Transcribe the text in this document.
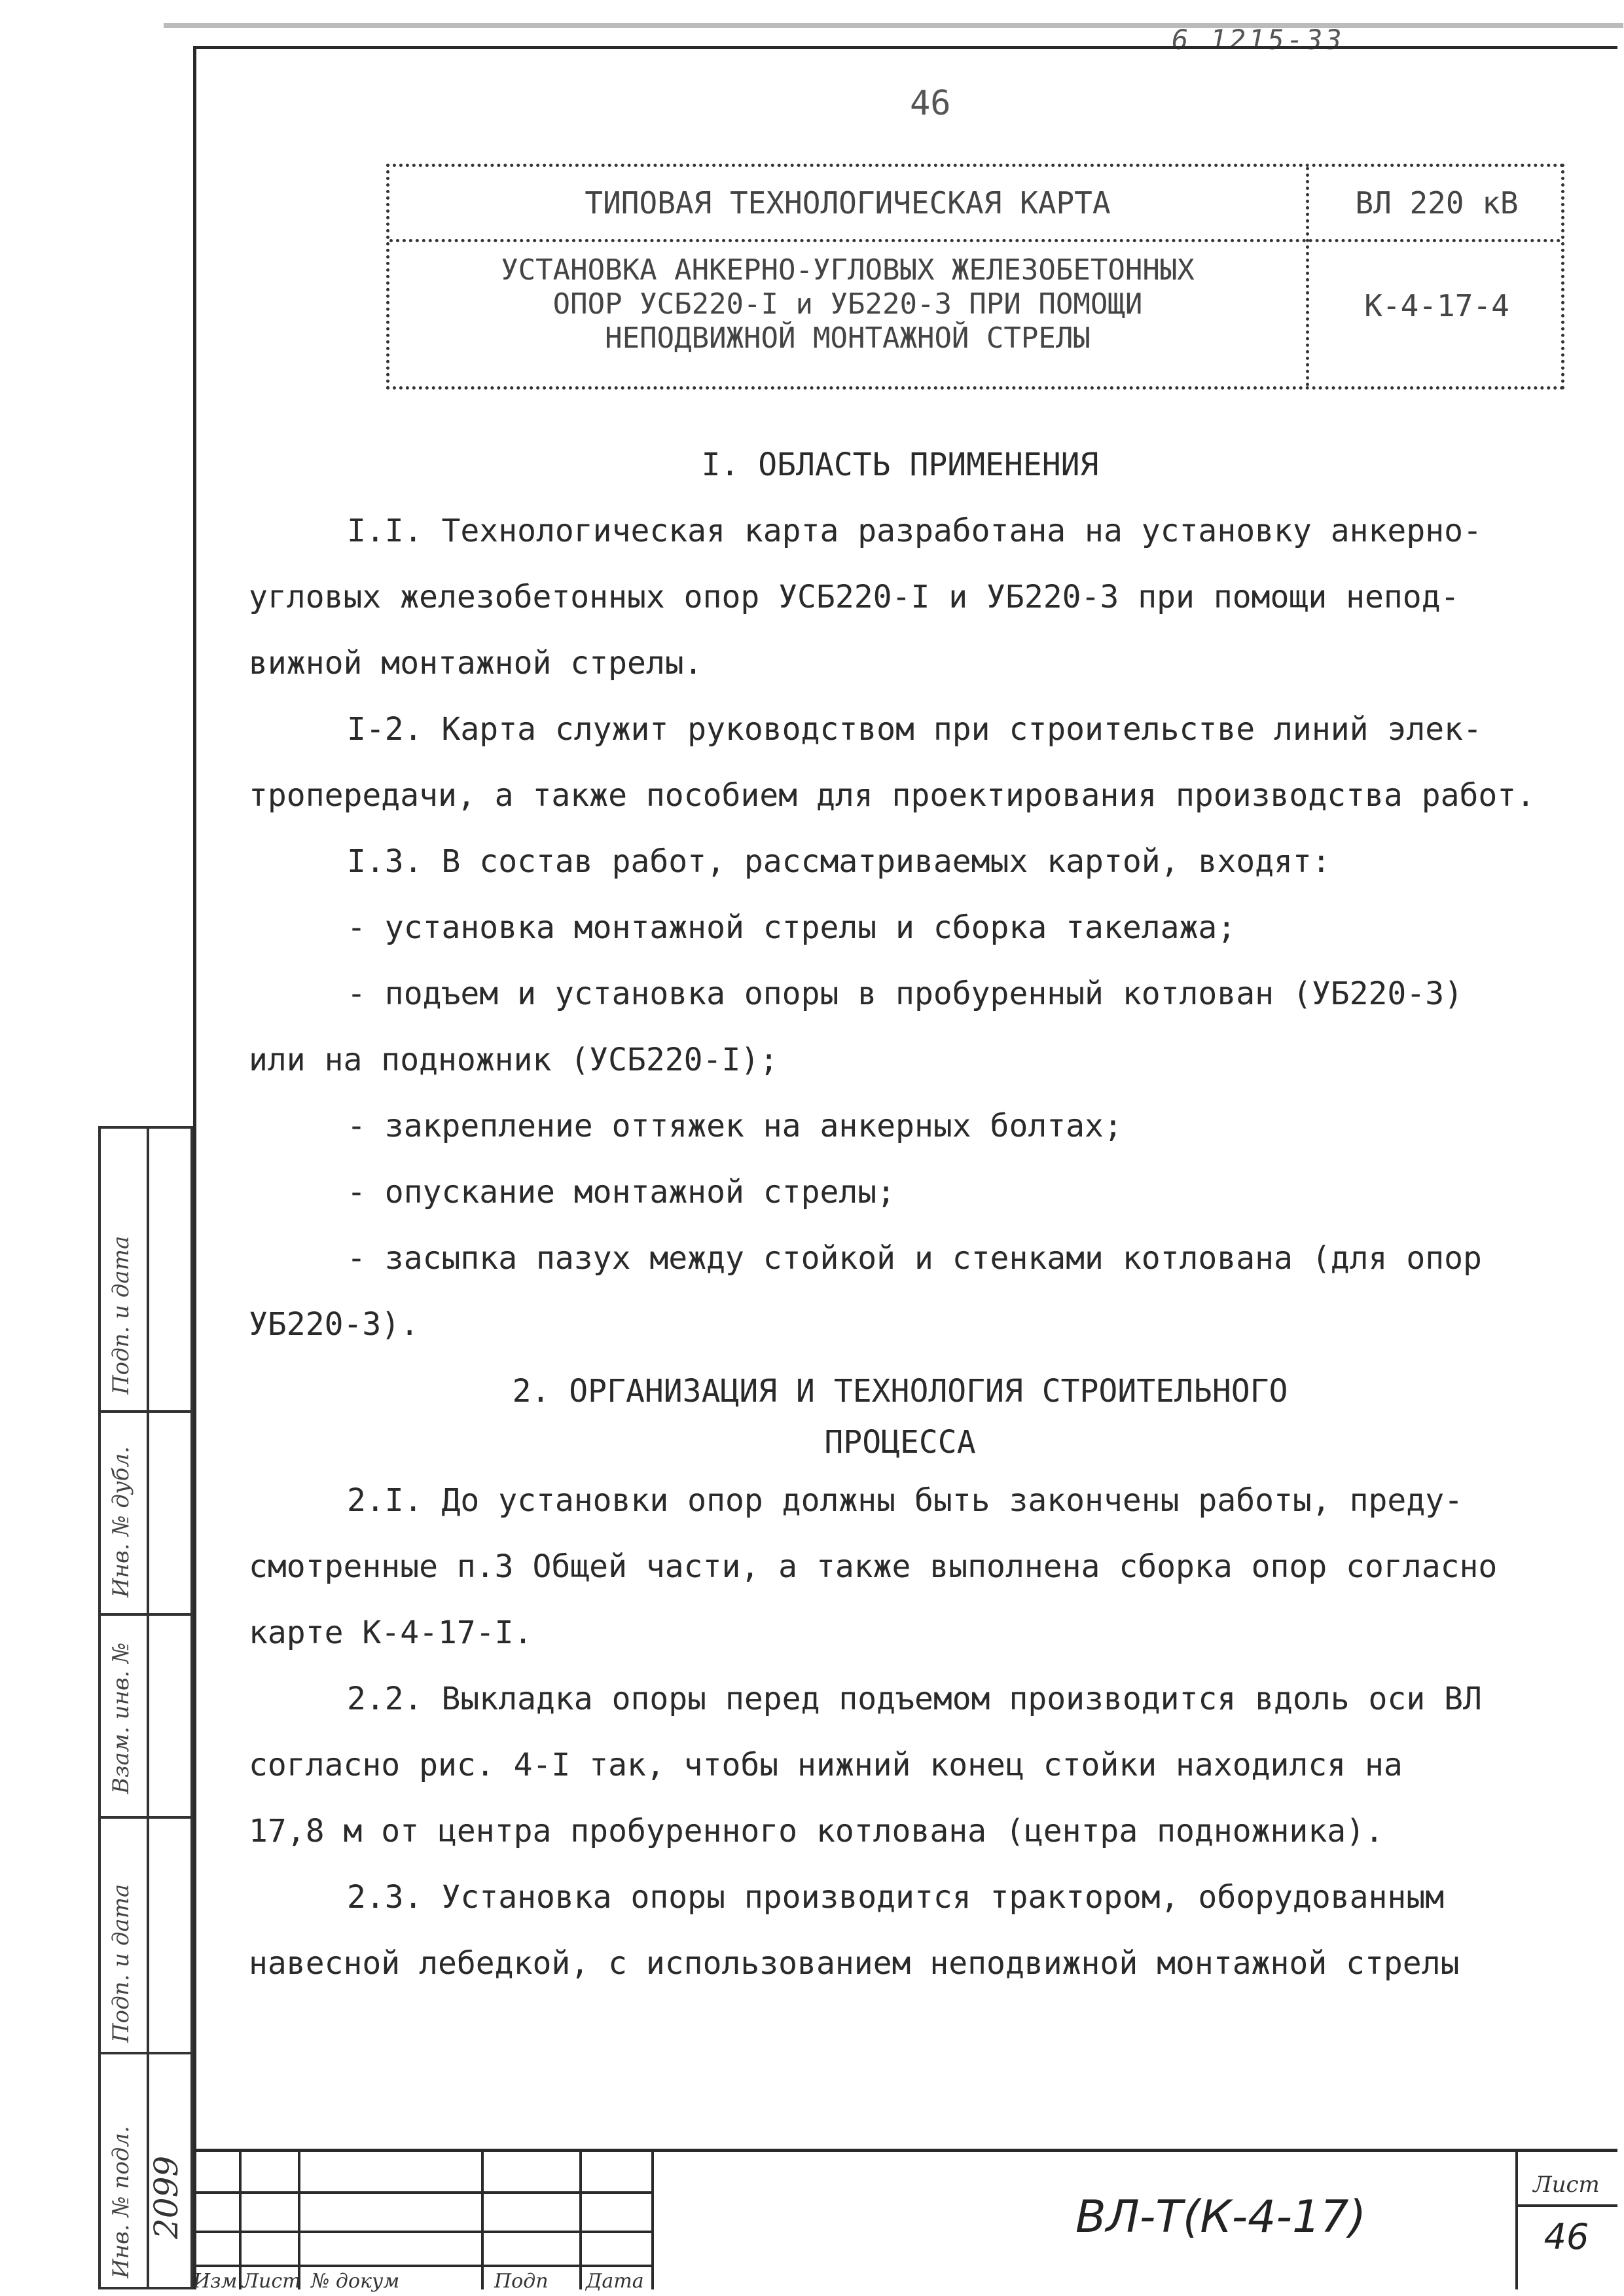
6 1215-33
46
ТИПОВАЯ ТЕХНОЛОГИЧЕСКАЯ КАРТА	ВЛ 220 кВ
УСТАНОВКА АНКЕРНО-УГЛОВЫХ ЖЕЛЕЗОБЕТОННЫХ
ОПОР УСБ220-I и УБ220-3 ПРИ ПОМОЩИ
НЕПОДВИЖНОЙ МОНТАЖНОЙ СТРЕЛЫ
К-4-17-4

I. ОБЛАСТЬ ПРИМЕНЕНИЯ

I.I. Технологическая карта разработана на установку анкерно-

угловых железобетонных опор УСБ220-I и УБ220-3 при помощи непод-

вижной монтажной стрелы.

I-2. Карта служит руководством при строительстве линий элек-

тропередачи, а также пособием для проектирования производства работ.

I.3. В состав работ, рассматриваемых картой, входят:

- установка монтажной стрелы и сборка такелажа;

- подъем и установка опоры в пробуренный котлован (УБ220-3)

или на подножник (УСБ220-I);

- закрепление оттяжек на анкерных болтах;

- опускание монтажной стрелы;

- засыпка пазух между стойкой и стенками котлована (для опор

УБ220-3).

2. ОРГАНИЗАЦИЯ И ТЕХНОЛОГИЯ СТРОИТЕЛЬНОГО
ПРОЦЕССА

2.I. До установки опор должны быть закончены работы, преду-

смотренные п.3 Общей части, а также выполнена сборка опор согласно

карте К-4-17-I.

2.2. Выкладка опоры перед подъемом производится вдоль оси ВЛ

согласно рис. 4-I так, чтобы нижний конец стойки находился на

17,8 м от центра пробуренного котлована (центра подножника).

2.3. Установка опоры производится трактором, оборудованным

навесной лебедкой, с использованием неподвижной монтажной стрелы

Инв. № подл.
Подп. и дата
Взам. инв. №
Инв. № дубл.
Подп. и дата
2099
Изм Лист № докум	Подп Дата
ВЛ-Т(К-4-17)
Лист
46
